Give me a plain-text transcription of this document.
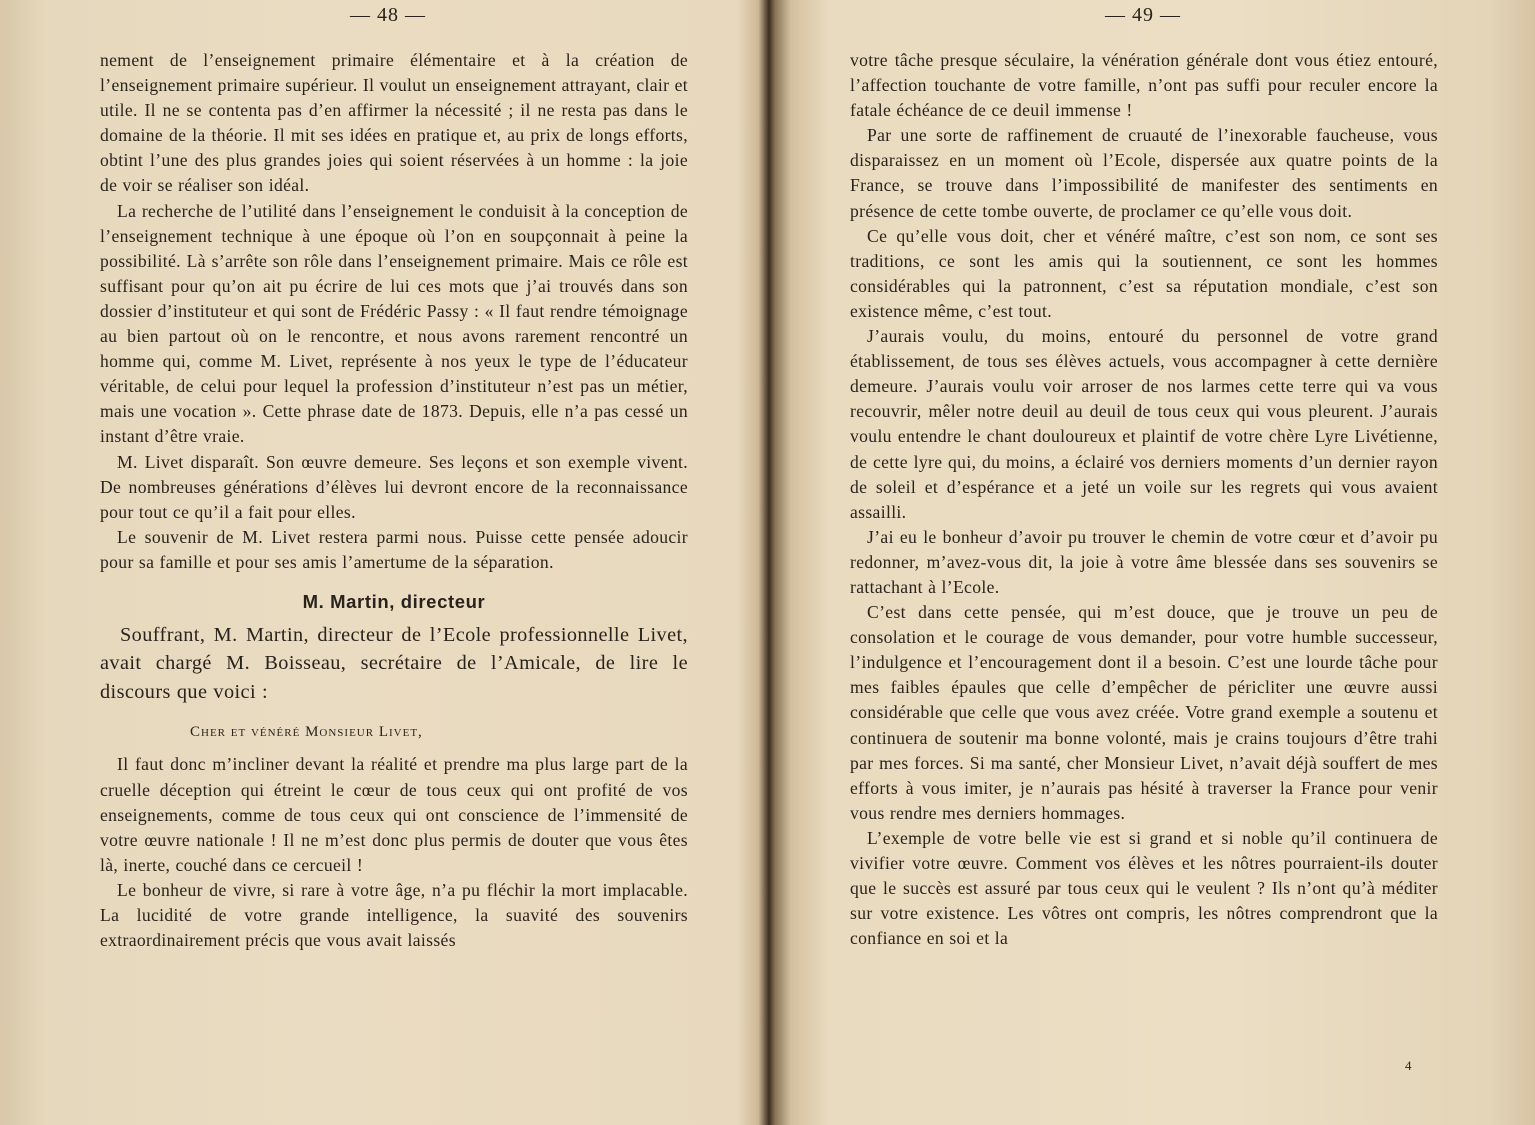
— 48 —

nement de l’enseignement primaire élémentaire et à la création de l’enseignement primaire supérieur. Il voulut un enseignement attrayant, clair et utile. Il ne se contenta pas d’en affirmer la nécessité ; il ne resta pas dans le domaine de la théorie. Il mit ses idées en pratique et, au prix de longs efforts, obtint l’une des plus grandes joies qui soient réservées à un homme : la joie de voir se réaliser son idéal.

La recherche de l’utilité dans l’enseignement le conduisit à la conception de l’enseignement technique à une époque où l’on en soupçonnait à peine la possibilité. Là s’arrête son rôle dans l’enseignement primaire. Mais ce rôle est suffisant pour qu’on ait pu écrire de lui ces mots que j’ai trouvés dans son dossier d’instituteur et qui sont de Frédéric Passy : « Il faut rendre témoignage au bien partout où on le rencontre, et nous avons rarement rencontré un homme qui, comme M. Livet, représente à nos yeux le type de l’éducateur véritable, de celui pour lequel la profession d’instituteur n’est pas un métier, mais une vocation ». Cette phrase date de 1873. Depuis, elle n’a pas cessé un instant d’être vraie.

M. Livet disparaît. Son œuvre demeure. Ses leçons et son exemple vivent. De nombreuses générations d’élèves lui devront encore de la reconnaissance pour tout ce qu’il a fait pour elles.

Le souvenir de M. Livet restera parmi nous. Puisse cette pensée adoucir pour sa famille et pour ses amis l’amertume de la séparation.

M. Martin, directeur

Souffrant, M. Martin, directeur de l’Ecole professionnelle Livet, avait chargé M. Boisseau, secrétaire de l’Amicale, de lire le discours que voici :

Cher et vénéré Monsieur Livet,

Il faut donc m’incliner devant la réalité et prendre ma plus large part de la cruelle déception qui étreint le cœur de tous ceux qui ont profité de vos enseignements, comme de tous ceux qui ont conscience de l’immensité de votre œuvre nationale ! Il ne m’est donc plus permis de douter que vous êtes là, inerte, couché dans ce cercueil !

Le bonheur de vivre, si rare à votre âge, n’a pu fléchir la mort implacable. La lucidité de votre grande intelligence, la suavité des souvenirs extraordinairement précis que vous avait laissés

— 49 —

votre tâche presque séculaire, la vénération générale dont vous étiez entouré, l’affection touchante de votre famille, n’ont pas suffi pour reculer encore la fatale échéance de ce deuil immense !

Par une sorte de raffinement de cruauté de l’inexorable faucheuse, vous disparaissez en un moment où l’Ecole, dispersée aux quatre points de la France, se trouve dans l’impossibilité de manifester des sentiments en présence de cette tombe ouverte, de proclamer ce qu’elle vous doit.

Ce qu’elle vous doit, cher et vénéré maître, c’est son nom, ce sont ses traditions, ce sont les amis qui la soutiennent, ce sont les hommes considérables qui la patronnent, c’est sa réputation mondiale, c’est son existence même, c’est tout.

J’aurais voulu, du moins, entouré du personnel de votre grand établissement, de tous ses élèves actuels, vous accompagner à cette dernière demeure. J’aurais voulu voir arroser de nos larmes cette terre qui va vous recouvrir, mêler notre deuil au deuil de tous ceux qui vous pleurent. J’aurais voulu entendre le chant douloureux et plaintif de votre chère Lyre Livétienne, de cette lyre qui, du moins, a éclairé vos derniers moments d’un dernier rayon de soleil et d’espérance et a jeté un voile sur les regrets qui vous avaient assailli.

J’ai eu le bonheur d’avoir pu trouver le chemin de votre cœur et d’avoir pu redonner, m’avez-vous dit, la joie à votre âme blessée dans ses souvenirs se rattachant à l’Ecole.

C’est dans cette pensée, qui m’est douce, que je trouve un peu de consolation et le courage de vous demander, pour votre humble successeur, l’indulgence et l’encouragement dont il a besoin. C’est une lourde tâche pour mes faibles épaules que celle d’empêcher de péricliter une œuvre aussi considérable que celle que vous avez créée. Votre grand exemple a soutenu et continuera de soutenir ma bonne volonté, mais je crains toujours d’être trahi par mes forces. Si ma santé, cher Monsieur Livet, n’avait déjà souffert de mes efforts à vous imiter, je n’aurais pas hésité à traverser la France pour venir vous rendre mes derniers hommages.

L’exemple de votre belle vie est si grand et si noble qu’il continuera de vivifier votre œuvre. Comment vos élèves et les nôtres pourraient-ils douter que le succès est assuré par tous ceux qui le veulent ? Ils n’ont qu’à méditer sur votre existence. Les vôtres ont compris, les nôtres comprendront que la confiance en soi et la

4
